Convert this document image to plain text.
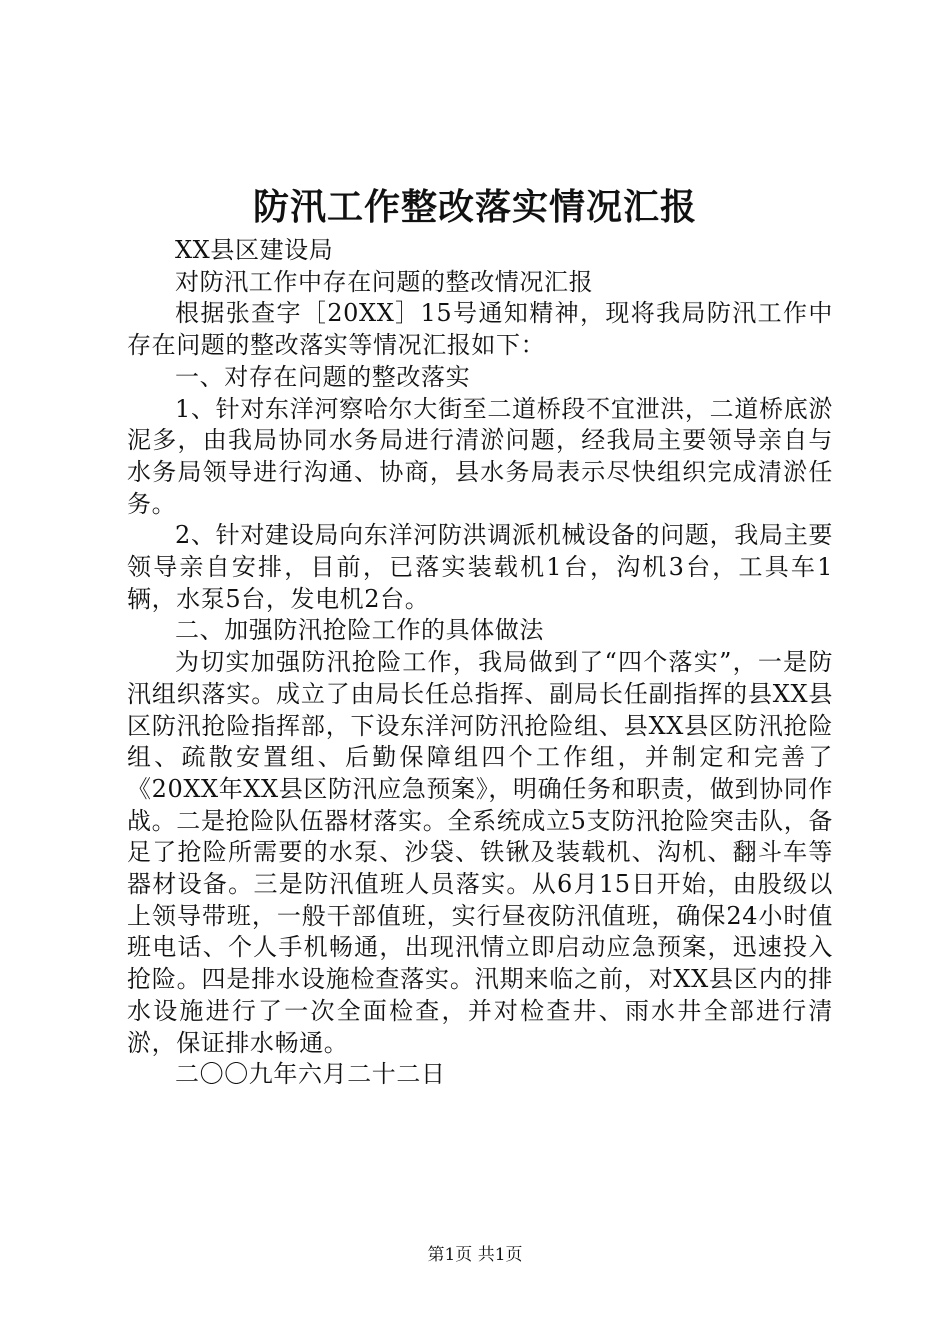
防汛工作整改落实情况汇报

XX县区建设局

对防汛工作中存在问题的整改情况汇报

根据张查字［20XX］15号通知精神，现将我局防汛工作中存在问题的整改落实等情况汇报如下：

一、对存在问题的整改落实

1、针对东洋河察哈尔大街至二道桥段不宜泄洪，二道桥底淤泥多，由我局协同水务局进行清淤问题，经我局主要领导亲自与水务局领导进行沟通、协商，县水务局表示尽快组织完成清淤任务。

2、针对建设局向东洋河防洪调派机械设备的问题，我局主要领导亲自安排，目前，已落实装载机1台，沟机3台，工具车1辆，水泵5台，发电机2台。

二、加强防汛抢险工作的具体做法

为切实加强防汛抢险工作，我局做到了“四个落实”，一是防汛组织落实。成立了由局长任总指挥、副局长任副指挥的县XX县区防汛抢险指挥部，下设东洋河防汛抢险组、县XX县区防汛抢险组、疏散安置组、后勤保障组四个工作组，并制定和完善了《20XX年XX县区防汛应急预案》，明确任务和职责，做到协同作战。二是抢险队伍器材落实。全系统成立5支防汛抢险突击队，备足了抢险所需要的水泵、沙袋、铁锹及装载机、沟机、翻斗车等器材设备。三是防汛值班人员落实。从6月15日开始，由股级以上领导带班，一般干部值班，实行昼夜防汛值班，确保24小时值班电话、个人手机畅通，出现汛情立即启动应急预案，迅速投入抢险。四是排水设施检查落实。汛期来临之前，对XX县区内的排水设施进行了一次全面检查，并对检查井、雨水井全部进行清淤，保证排水畅通。

二〇〇九年六月二十二日

第1页 共1页
